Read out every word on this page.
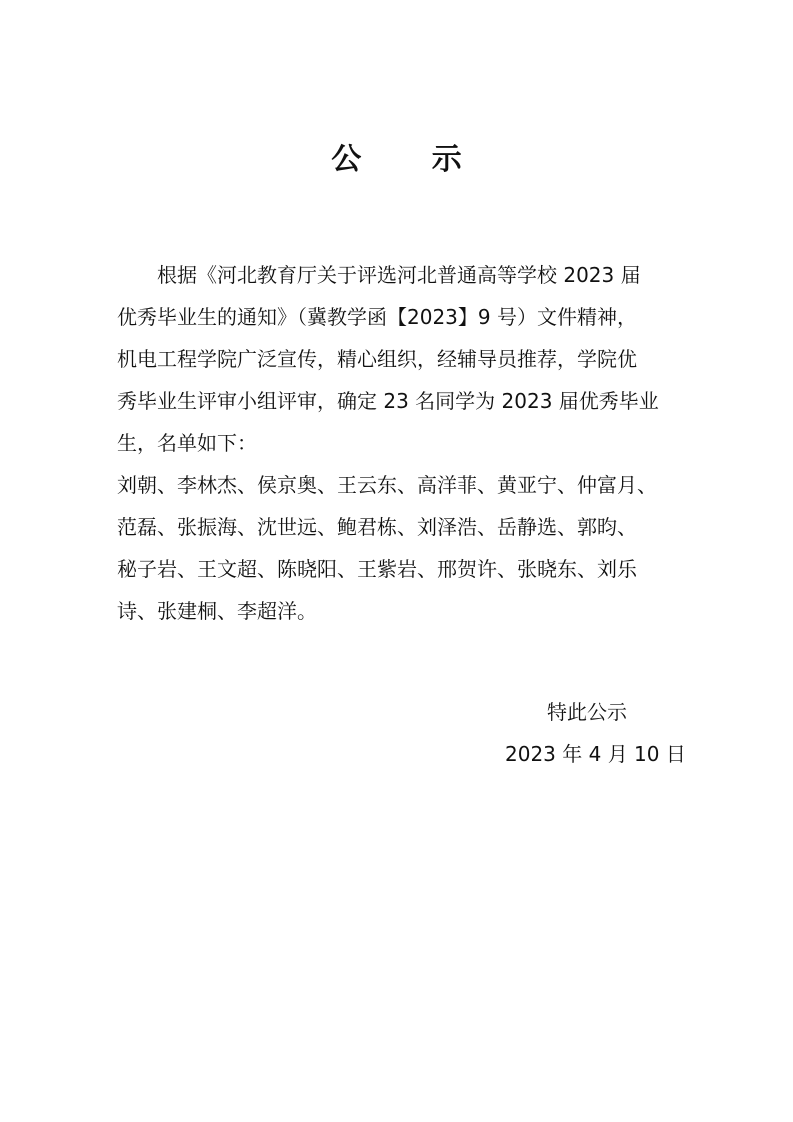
公 示
根据《河北教育厅关于评选河北普通高等学校 2023 届
优秀毕业生的通知》（冀教学函【2023】9 号）文件精神，
机电工程学院广泛宣传，精心组织，经辅导员推荐，学院优
秀毕业生评审小组评审，确定 23 名同学为 2023 届优秀毕业
生，名单如下：
刘朝、李林杰、侯京奥、王云东、高洋菲、黄亚宁、仲富月、
范磊、张振海、沈世远、鲍君栋、刘泽浩、岳静选、郭昀、
秘子岩、王文超、陈晓阳、王紫岩、邢贺许、张晓东、刘乐
诗、张建桐、李超洋。
特此公示
2023 年 4 月 10 日
